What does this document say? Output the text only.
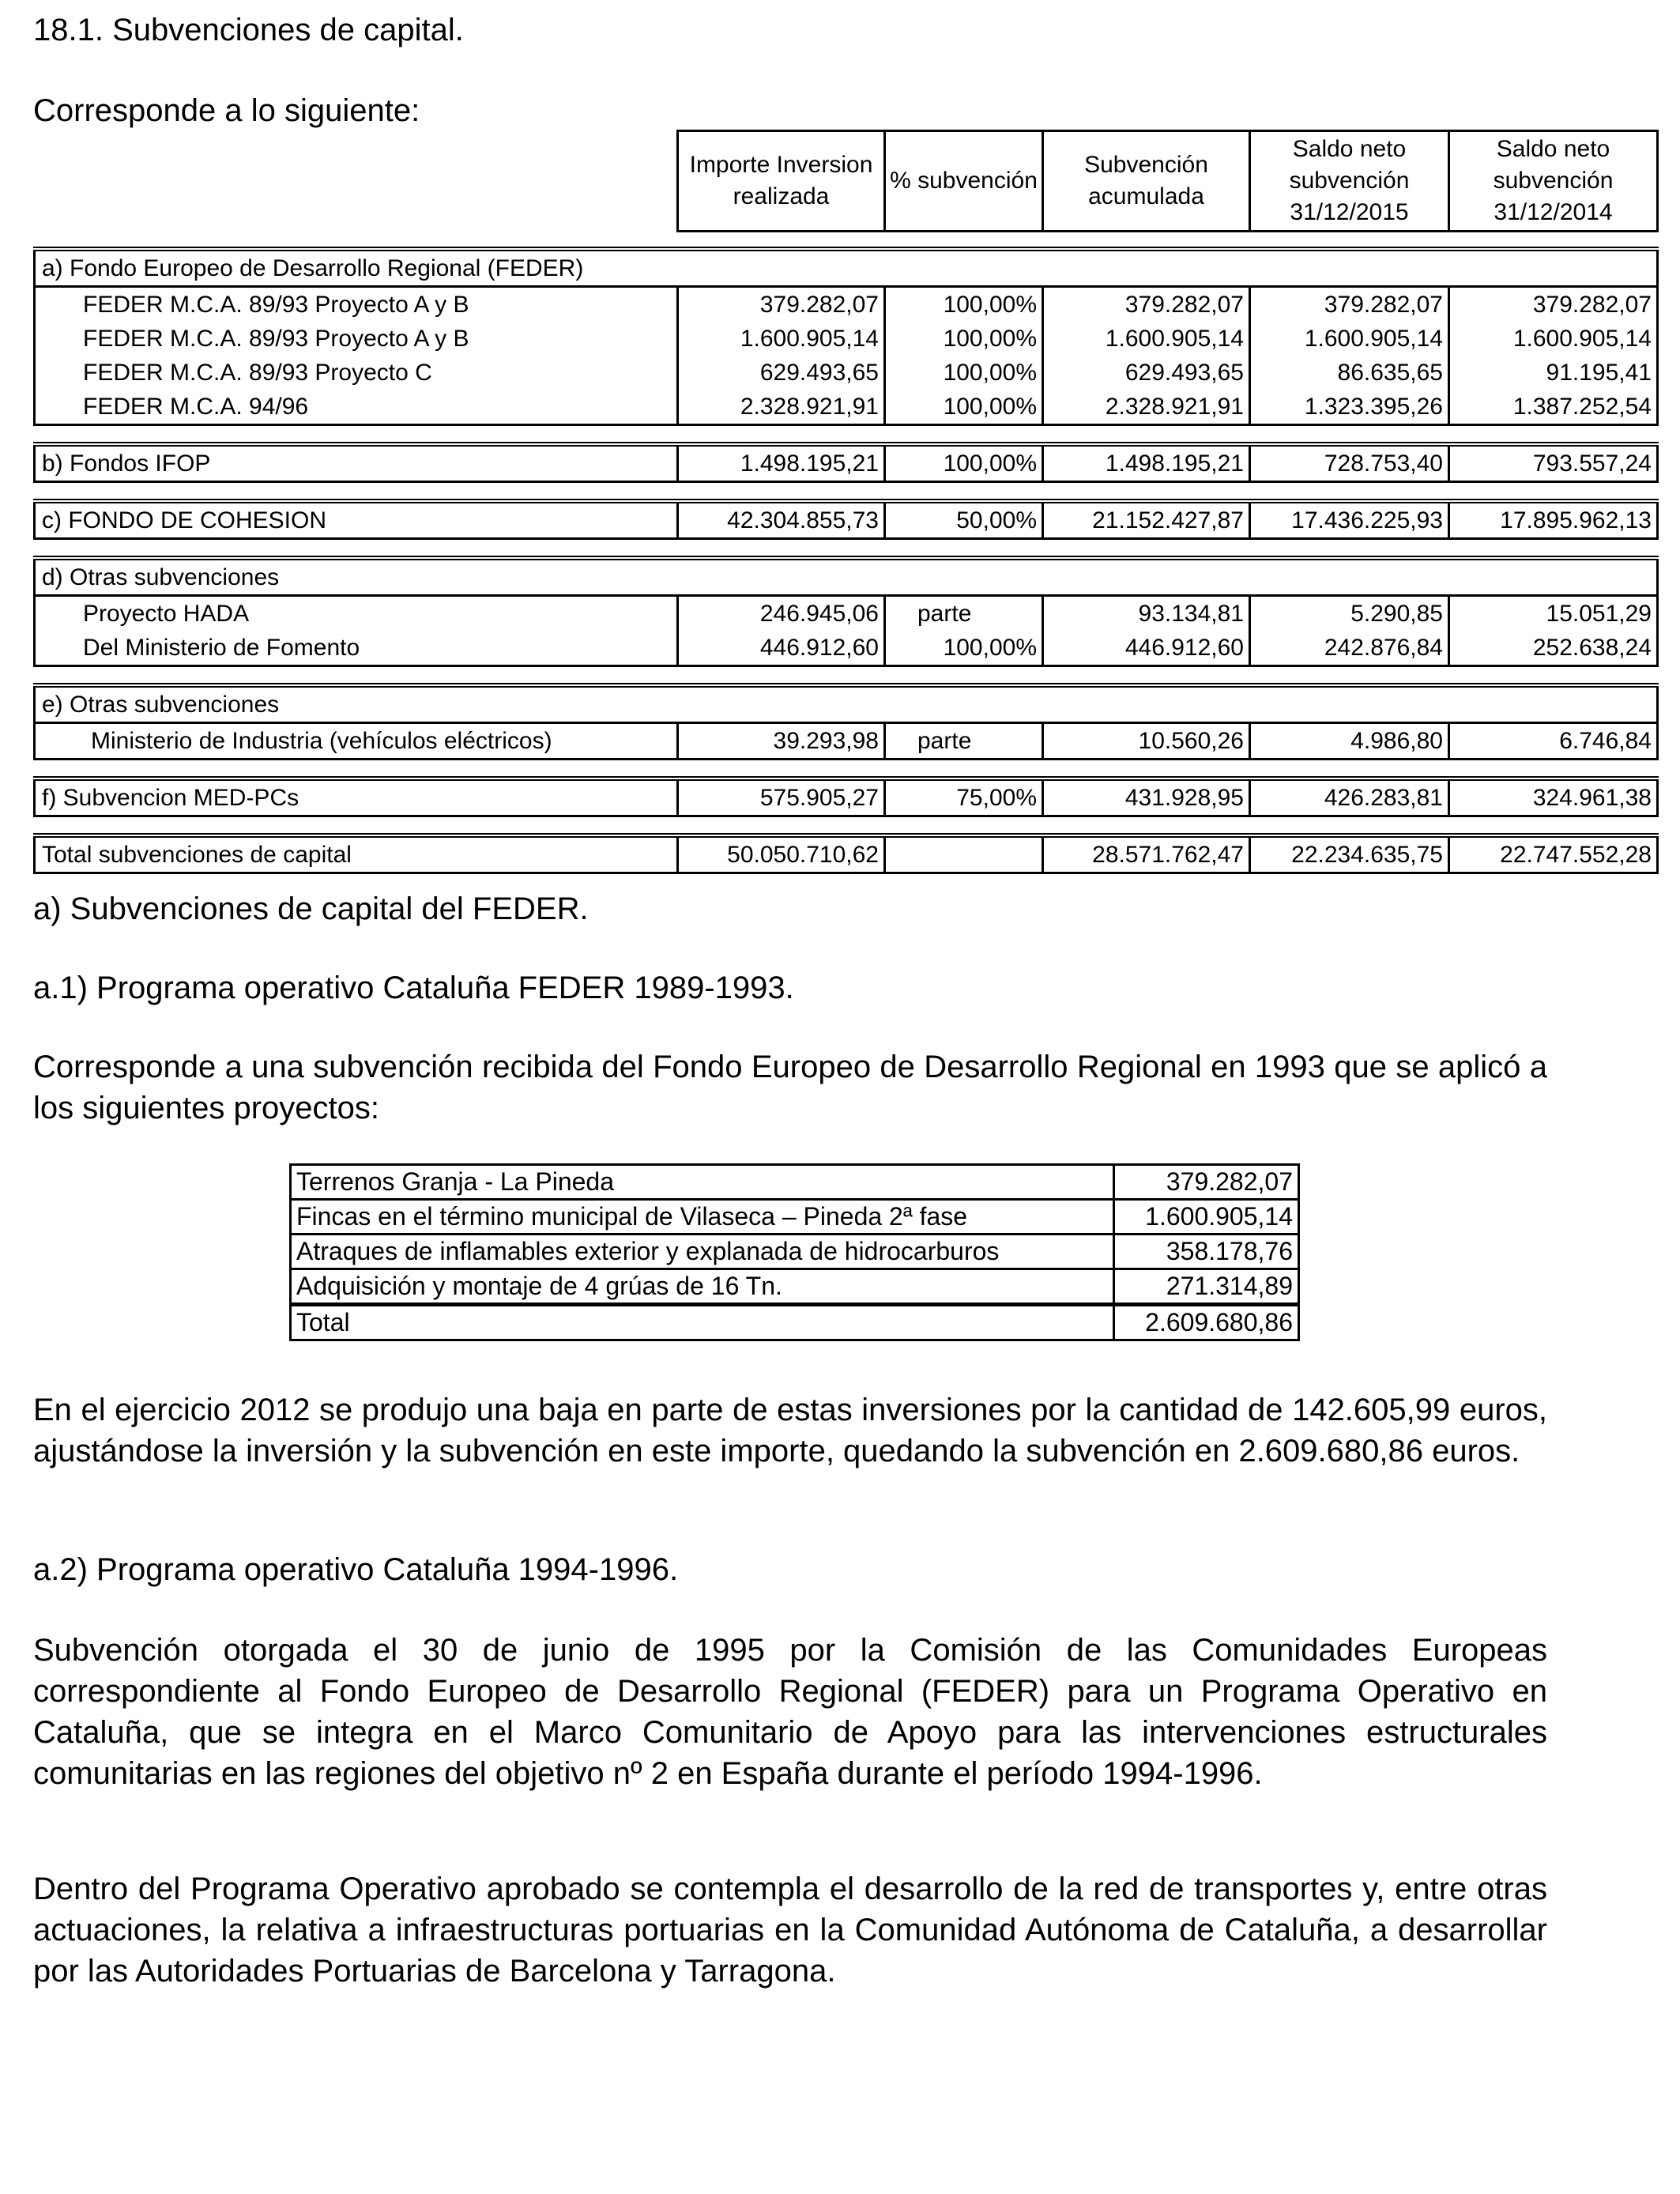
18.1. Subvenciones de capital.
Corresponde a lo siguiente:
	Importe Inversion realizada	% subvención	Subvención acumulada	Saldo neto subvención 31/12/2015	Saldo neto subvención 31/12/2014

a) Fondo Europeo de Desarrollo Regional (FEDER)					
FEDER M.C.A. 89/93 Proyecto A y B	379.282,07	100,00%	379.282,07	379.282,07	379.282,07
FEDER M.C.A. 89/93 Proyecto A y B	1.600.905,14	100,00%	1.600.905,14	1.600.905,14	1.600.905,14
FEDER M.C.A. 89/93 Proyecto C	629.493,65	100,00%	629.493,65	86.635,65	91.195,41
FEDER M.C.A. 94/96	2.328.921,91	100,00%	2.328.921,91	1.323.395,26	1.387.252,54

b) Fondos IFOP	1.498.195,21	100,00%	1.498.195,21	728.753,40	793.557,24

c) FONDO DE COHESION	42.304.855,73	50,00%	21.152.427,87	17.436.225,93	17.895.962,13

d) Otras subvenciones					
Proyecto HADA	246.945,06	parte	93.134,81	5.290,85	15.051,29
Del Ministerio de Fomento	446.912,60	100,00%	446.912,60	242.876,84	252.638,24

e) Otras subvenciones					
Ministerio de Industria (vehículos eléctricos)	39.293,98	parte	10.560,26	4.986,80	6.746,84

f) Subvencion MED-PCs	575.905,27	75,00%	431.928,95	426.283,81	324.961,38

Total subvenciones de capital	50.050.710,62		28.571.762,47	22.234.635,75	22.747.552,28
a) Subvenciones de capital del FEDER.
a.1) Programa operativo Cataluña FEDER 1989-1993.

Corresponde a una subvención recibida del Fondo Europeo de Desarrollo Regional en 1993 que se aplicó a los siguientes proyectos:

Terrenos Granja - La Pineda	379.282,07
Fincas en el término municipal de Vilaseca – Pineda 2ª fase	1.600.905,14
Atraques de inflamables exterior y explanada de hidrocarburos	358.178,76
Adquisición y montaje de 4 grúas de 16 Tn.	271.314,89
Total	2.609.680,86

En el ejercicio 2012 se produjo una baja en parte de estas inversiones por la cantidad de 142.605,99 euros, ajustándose la inversión y la subvención en este importe, quedando la subvención en 2.609.680,86 euros.

a.2) Programa operativo Cataluña 1994-1996.

Subvención otorgada el 30 de junio de 1995 por la Comisión de las Comunidades Europeas correspondiente al Fondo Europeo de Desarrollo Regional (FEDER) para un Programa Operativo en Cataluña, que se integra en el Marco Comunitario de Apoyo para las intervenciones estructurales comunitarias en las regiones del objetivo nº 2 en España durante el período 1994-1996.

Dentro del Programa Operativo aprobado se contempla el desarrollo de la red de transportes y, entre otras actuaciones, la relativa a infraestructuras portuarias en la Comunidad Autónoma de Cataluña, a desarrollar por las Autoridades Portuarias de Barcelona y Tarragona.
